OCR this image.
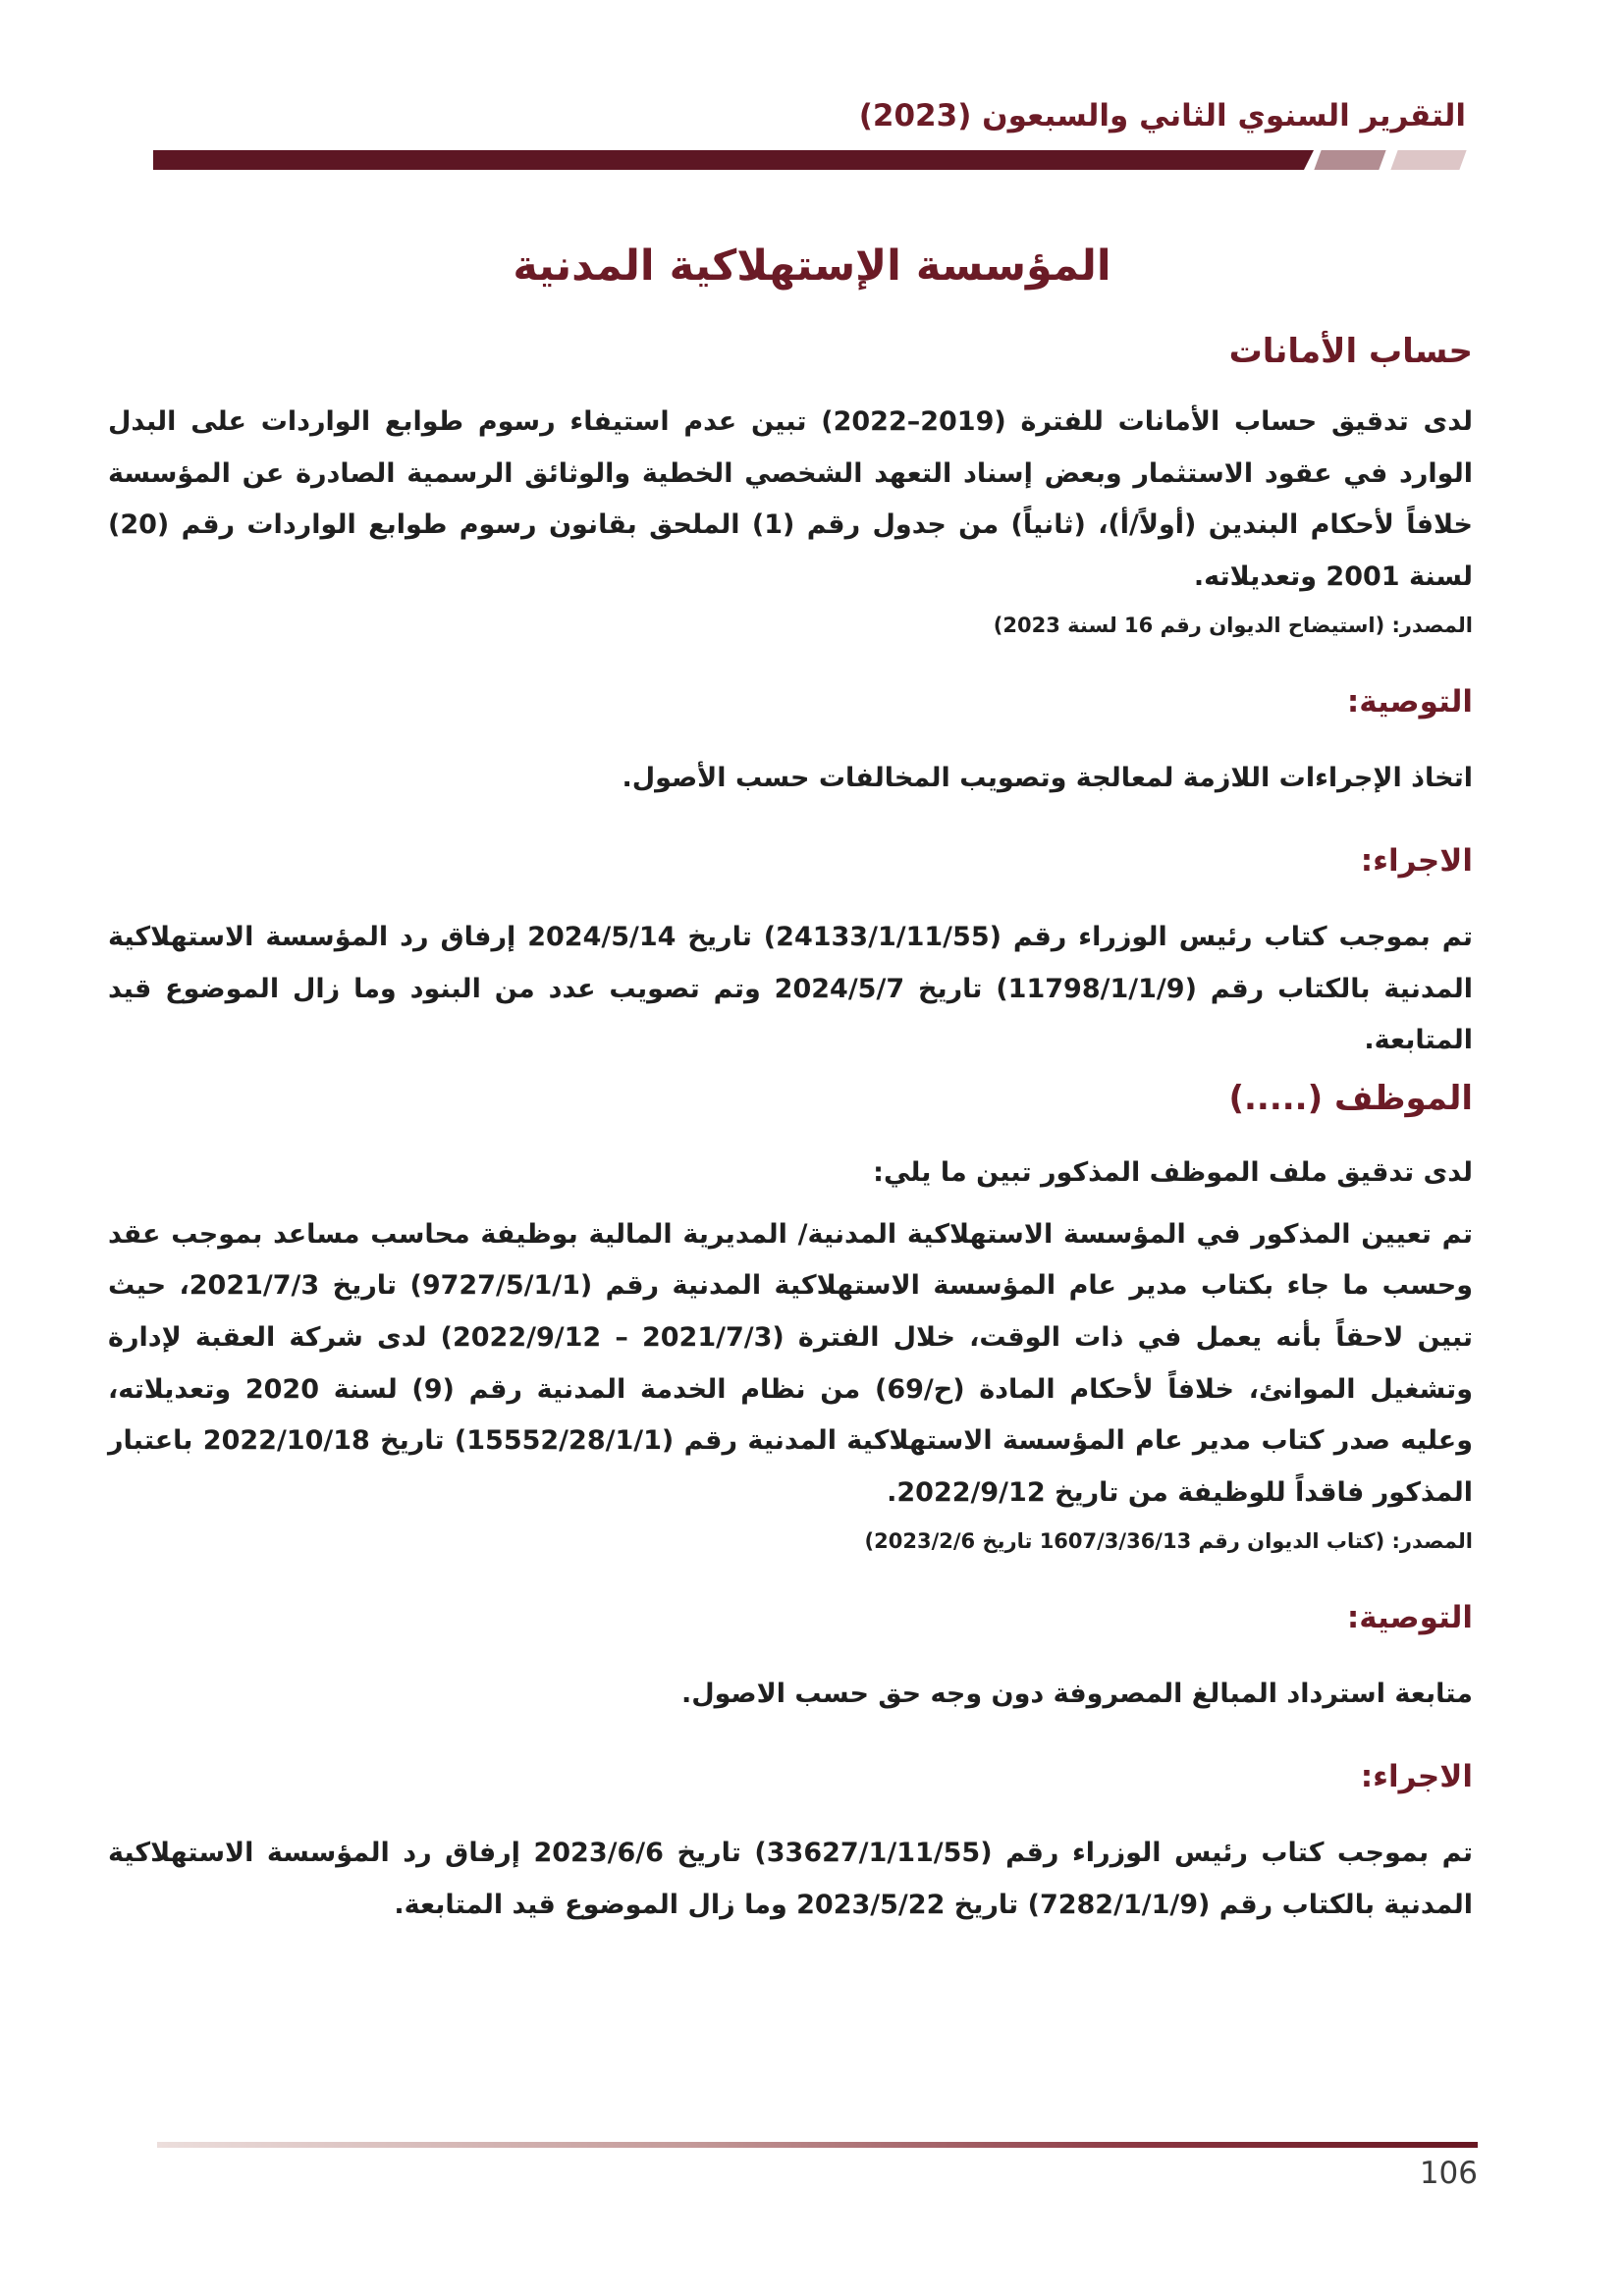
التقرير السنوي الثاني والسبعون (2023)
المؤسسة الإستهلاكية المدنية
حساب الأمانات

لدى تدقيق حساب الأمانات للفترة (2019–2022) تبين عدم استيفاء رسوم طوابع الواردات على البدل الوارد في عقود الاستثمار وبعض إسناد التعهد الشخصي الخطية والوثائق الرسمية الصادرة عن المؤسسة خلافاً لأحكام البندين (أولاً/أ)، (ثانياً) من جدول رقم (1) الملحق بقانون رسوم طوابع الواردات رقم (20) لسنة 2001 وتعديلاته.

المصدر: (استيضاح الديوان رقم 16 لسنة 2023)
التوصية:

اتخاذ الإجراءات اللازمة لمعالجة وتصويب المخالفات حسب الأصول.

الاجراء:

تم بموجب كتاب رئيس الوزراء رقم (24133/1/11/55) تاريخ 2024/5/14 إرفاق رد المؤسسة الاستهلاكية المدنية بالكتاب رقم (11798/1/1/9) تاريخ 2024/5/7 وتم تصويب عدد من البنود وما زال الموضوع قيد المتابعة.

الموظف (.....)

لدى تدقيق ملف الموظف المذكور تبين ما يلي:

تم تعيين المذكور في المؤسسة الاستهلاكية المدنية/ المديرية المالية بوظيفة محاسب مساعد بموجب عقد وحسب ما جاء بكتاب مدير عام المؤسسة الاستهلاكية المدنية رقم (9727/5/1/1) تاريخ 2021/7/3، حيث تبين لاحقاً بأنه يعمل في ذات الوقت، خلال الفترة (2021/7/3 – 2022/9/12) لدى شركة العقبة لإدارة وتشغيل الموانئ، خلافاً لأحكام المادة (ح/69) من نظام الخدمة المدنية رقم (9) لسنة 2020 وتعديلاته، وعليه صدر كتاب مدير عام المؤسسة الاستهلاكية المدنية رقم (15552/28/1/1) تاريخ 2022/10/18 باعتبار المذكور فاقداً للوظيفة من تاريخ 2022/9/12.

المصدر: (كتاب الديوان رقم 1607/3/36/13 تاريخ 2023/2/6)
التوصية:

متابعة استرداد المبالغ المصروفة دون وجه حق حسب الاصول.

الاجراء:

تم بموجب كتاب رئيس الوزراء رقم (33627/1/11/55) تاريخ 2023/6/6 إرفاق رد المؤسسة الاستهلاكية المدنية بالكتاب رقم (7282/1/1/9) تاريخ 2023/5/22 وما زال الموضوع قيد المتابعة.

106
